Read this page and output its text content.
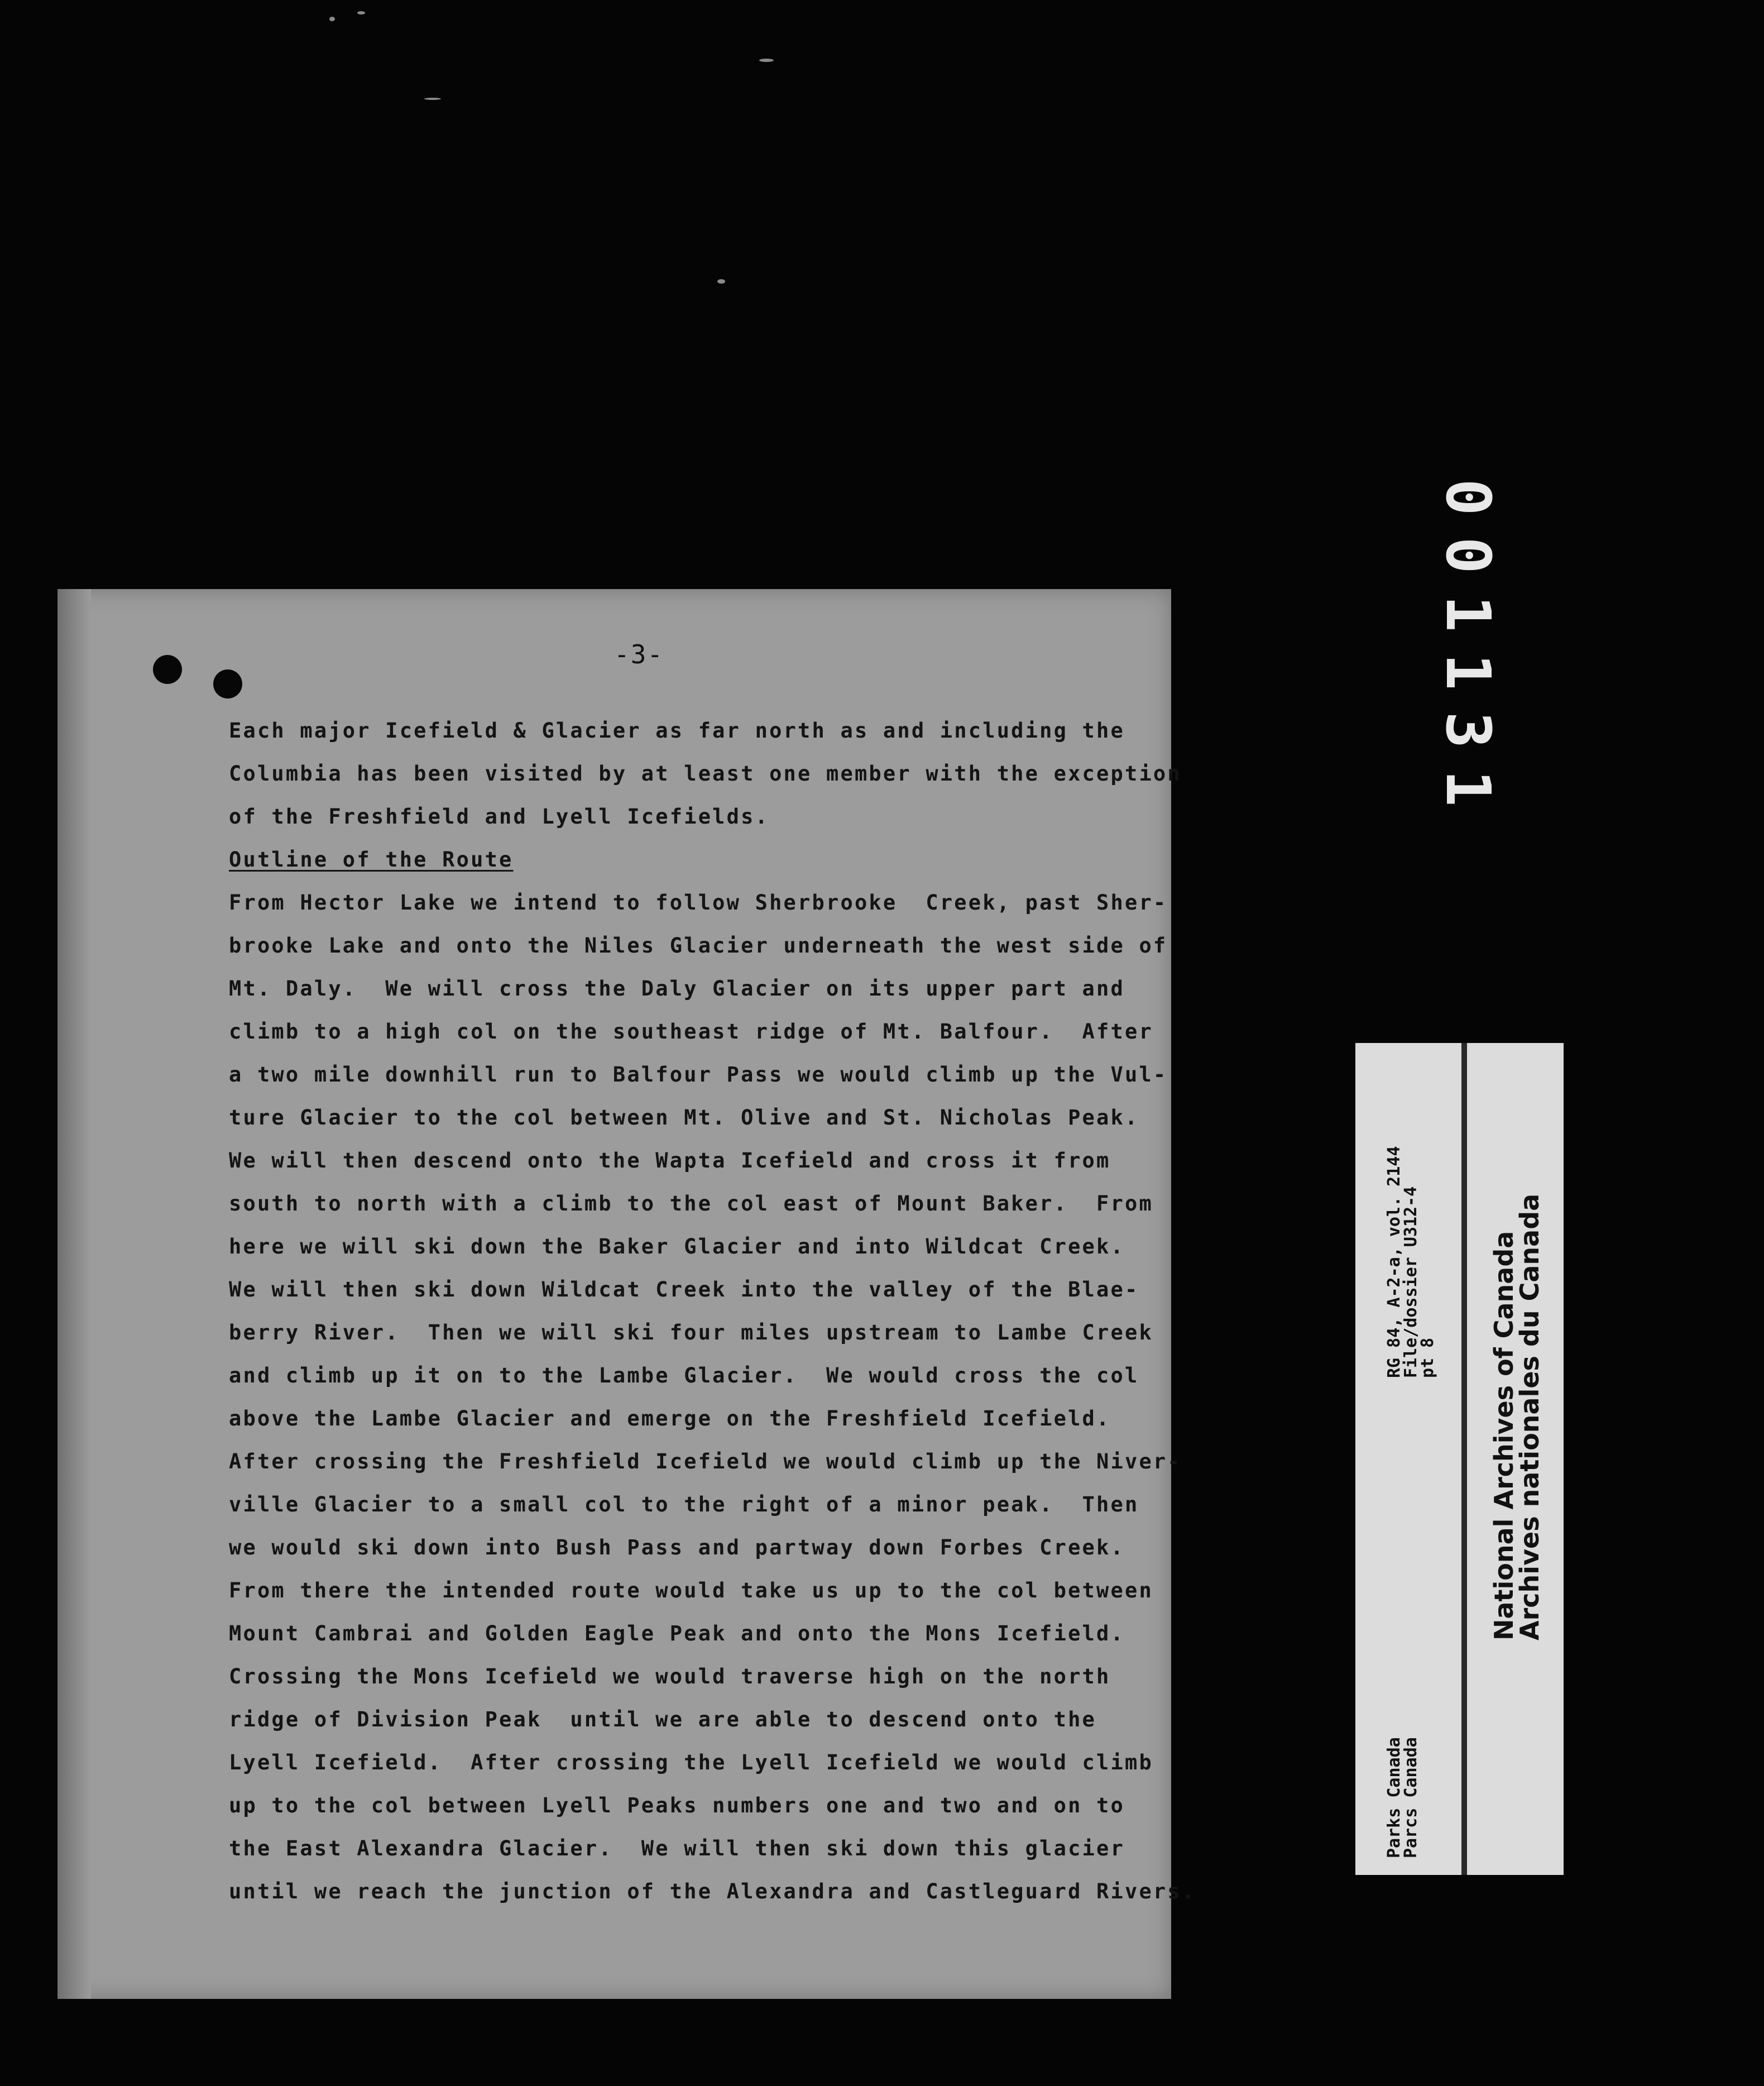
-3-
Each major Icefield & Glacier as far north as and including the
Columbia has been visited by at least one member with the exception
of the Freshfield and Lyell Icefields.
Outline of the Route
From Hector Lake we intend to follow Sherbrooke  Creek, past Sher-
brooke Lake and onto the Niles Glacier underneath the west side of
Mt. Daly.  We will cross the Daly Glacier on its upper part and
climb to a high col on the southeast ridge of Mt. Balfour.  After
a two mile downhill run to Balfour Pass we would climb up the Vul-
ture Glacier to the col between Mt. Olive and St. Nicholas Peak.
We will then descend onto the Wapta Icefield and cross it from
south to north with a climb to the col east of Mount Baker.  From
here we will ski down the Baker Glacier and into Wildcat Creek.
We will then ski down Wildcat Creek into the valley of the Blae-
berry River.  Then we will ski four miles upstream to Lambe Creek
and climb up it on to the Lambe Glacier.  We would cross the col
above the Lambe Glacier and emerge on the Freshfield Icefield.
After crossing the Freshfield Icefield we would climb up the Niver-
ville Glacier to a small col to the right of a minor peak.  Then
we would ski down into Bush Pass and partway down Forbes Creek.
From there the intended route would take us up to the col between
Mount Cambrai and Golden Eagle Peak and onto the Mons Icefield.
Crossing the Mons Icefield we would traverse high on the north
ridge of Division Peak  until we are able to descend onto the
Lyell Icefield.  After crossing the Lyell Icefield we would climb
up to the col between Lyell Peaks numbers one and two and on to
the East Alexandra Glacier.  We will then ski down this glacier
until we reach the junction of the Alexandra and Castleguard Rivers.
001131
RG 84, A-2-a, vol. 2144
File/dossier U312-4
pt 8
Parks Canada
Parcs Canada
National Archives of Canada
Archives nationales du Canada
